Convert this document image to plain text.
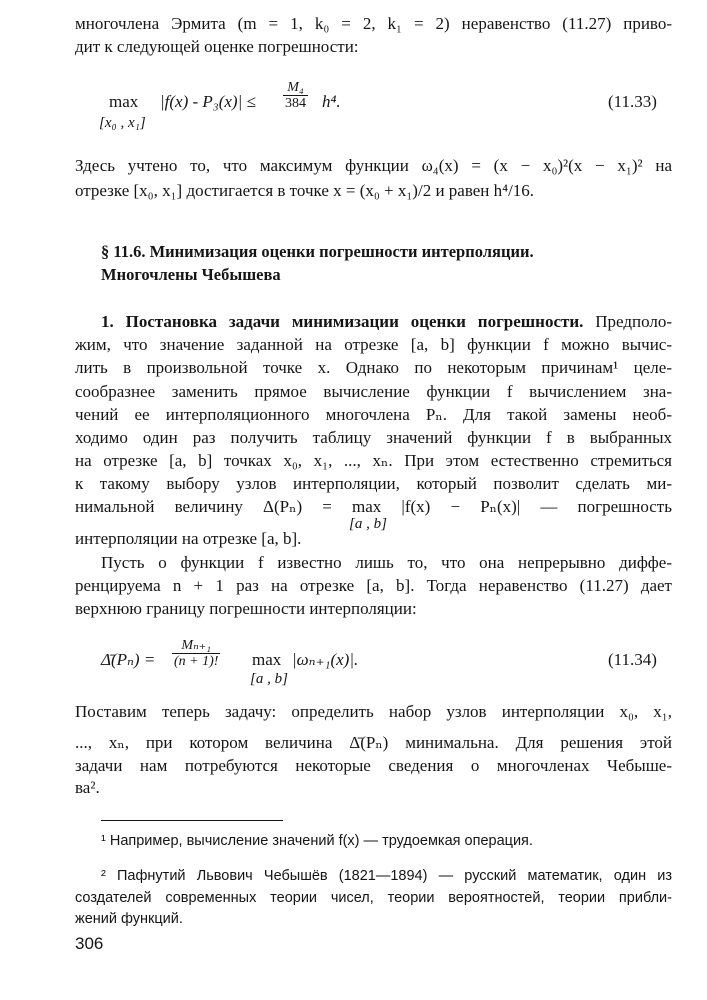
многочлена Эрмита (m = 1, k₀ = 2, k₁ = 2) неравенство (11.27) приво-
дит к следующей оценке погрешности:
max
[x₀ , x₁]
$|f(x) - P_3(x)| \le \frac{\text{M₄}}{384} h^4$.	(11.33)
Здесь учтено то, что максимум функции ω₄(x) = (x − x₀)²(x − x₁)² на
отрезке [x₀, x₁] достигается в точке x = (x₀ + x₁)/2 и равен h⁴/16.
§ 11.6. Минимизация оценки погрешности интерполяции.
Многочлены Чебышева
1. Постановка задачи минимизации оценки погрешности. Предполо-
жим, что значение заданной на отрезке [a, b] функции f можно вычис-
лить в произвольной точке x. Однако по некоторым причинам¹ целе-
сообразнее заменить прямое вычисление функции f вычислением зна-
чений ее интерполяционного многочлена Pₙ. Для такой замены необ-
ходимо один раз получить таблицу значений функции f в выбранных
на отрезке [a, b] точках x₀, x₁, ..., xₙ. При этом естественно стремиться
к такому выбору узлов интерполяции, который позволит сделать ми-
нимальной величину Δ(Pₙ) = max |f(x) − Pₙ(x)| — погрешность
[a , b]
интерполяции на отрезке [a, b].
Пусть о функции f известно лишь то, что она непрерывно диффе-
ренцируема n + 1 раз на отрезке [a, b]. Тогда неравенство (11.27) дает
верхнюю границу погрешности интерполяции:
Δ̄(Pₙ) = $\frac{\text{Mₙ₊₁}}{(n + 1)!}$ max
[a , b]
|ωₙ₊₁(x)|.	(11.34)
Поставим теперь задачу: определить набор узлов интерполяции x₀, x₁,
..., xₙ, при котором величина Δ̄(Pₙ) минимальна. Для решения этой
задачи нам потребуются некоторые сведения о многочленах Чебыше-
ва².
¹ Например, вычисление значений f(x) — трудоемкая операция.
² Пафнутий Львович Чебышёв (1821—1894) — русский математик, один из
создателей современных теории чисел, теории вероятностей, теории прибли-
жений функций.
306
